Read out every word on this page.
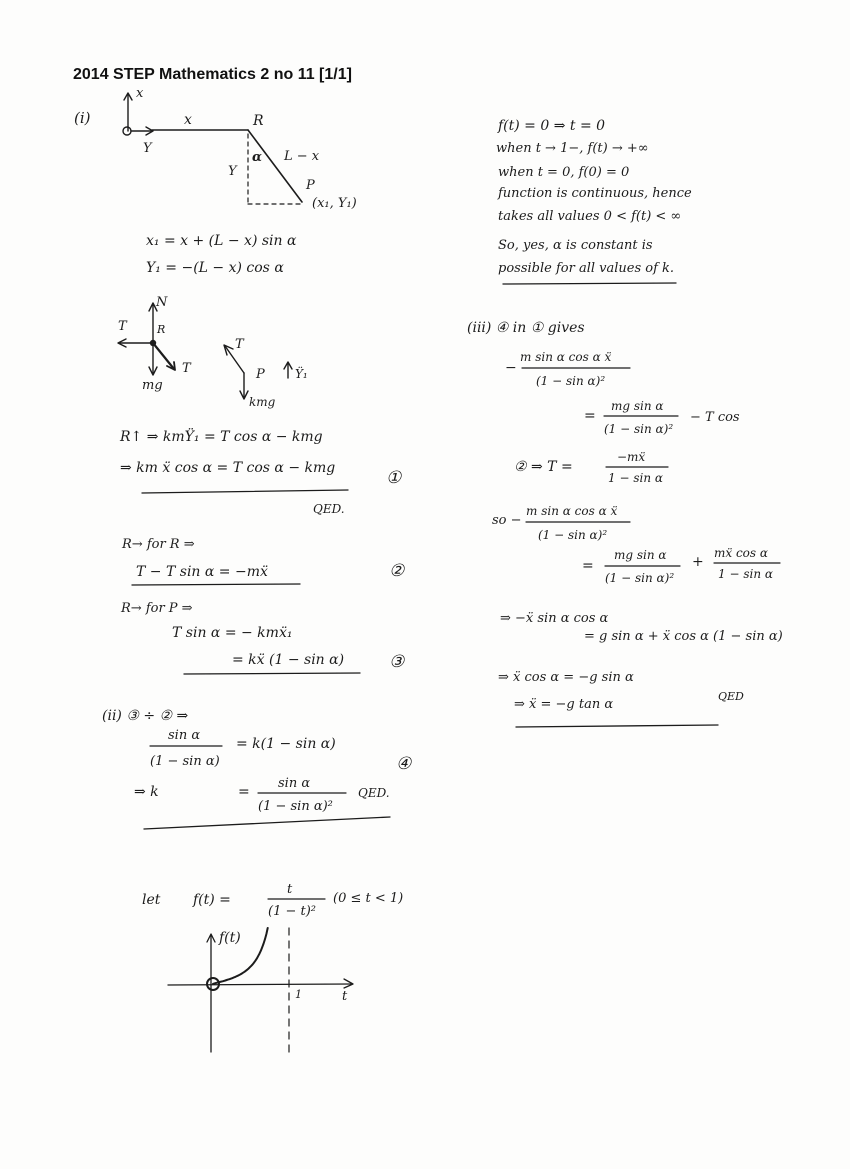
2014 STEP Mathematics 2 no 11 [1/1]
(i)
x
Y
x	R
α L − x
Y
P
(x₁, Y₁)
x₁ = x + (L − x) sin α
Y₁ = −(L − x) cos α
T
N
R
T
mg
T
P
kmg
Ÿ₁
R↑ ⇒ kmŸ₁ = T cos α − kmg
⇒ km ẍ cos α = T cos α − kmg	①
QED.
R→ for R ⇒
T − T sin α = −mẍ	②
R→ for P ⇒
T sin α = − kmẍ₁
= kẍ (1 − sin α)	③
(ii) ③ ÷ ② ⇒
sin α
(1 − sin α)
= k(1 − sin α)
④
⇒ k	=
sin α
(1 − sin α)²
QED.
let f(t) =
t
(1 − t)²
(0 ≤ t < 1)
f(t)
t
1
f(t) = 0 ⇒ t = 0
when t → 1−, f(t) → +∞
when t = 0, f(0) = 0
function is continuous, hence
takes all values 0 < f(t) < ∞
So, yes, α is constant is
possible for all values of k.
(iii) ④ in ① gives
−
m sin α cos α ẍ
(1 − sin α)²
=
mg sin α
(1 − sin α)²
− T cos
② ⇒ T =
−mẍ
1 − sin α
so −
m sin α cos α ẍ
(1 − sin α)²
=
mg sin α
(1 − sin α)²
+
mẍ cos α
1 − sin α
⇒ −ẍ sin α cos α
= g sin α + ẍ cos α (1 − sin α)
⇒ ẍ cos α = −g sin α
⇒ ẍ = −g tan α
QED
